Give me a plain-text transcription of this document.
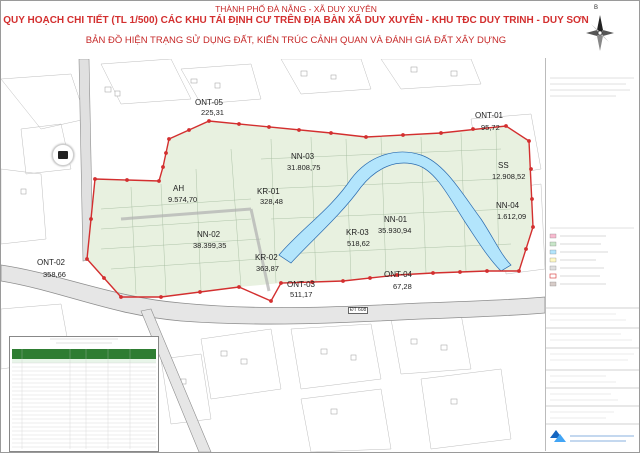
THÀNH PHỐ ĐÀ NẴNG - XÃ DUY XUYÊN
QUY HOẠCH CHI TIẾT (TL 1/500) CÁC KHU TÁI ĐỊNH CƯ TRÊN ĐỊA BÀN XÃ DUY XUYÊN - KHU TĐC DUY TRINH - DUY SƠN
BẢN ĐỒ HIỆN TRẠNG SỬ DỤNG ĐẤT, KIẾN TRÚC CẢNH QUAN VÀ ĐÁNH GIÁ ĐẤT XÂY DỰNG
B
ĐT 608
ONT-05
225,31	ONT-01
95,72
NN-03
31.808,75	SS
12.908,52
AH
9.574,70
KR-01
328,48	NN-04
1.612,09
NN-02
38.399,35
KR-03
518,62
NN-01
35.930,94
KR-02
363,87
ONT-02
358,66
ONT-03
511,17
ONT-04
67,28
